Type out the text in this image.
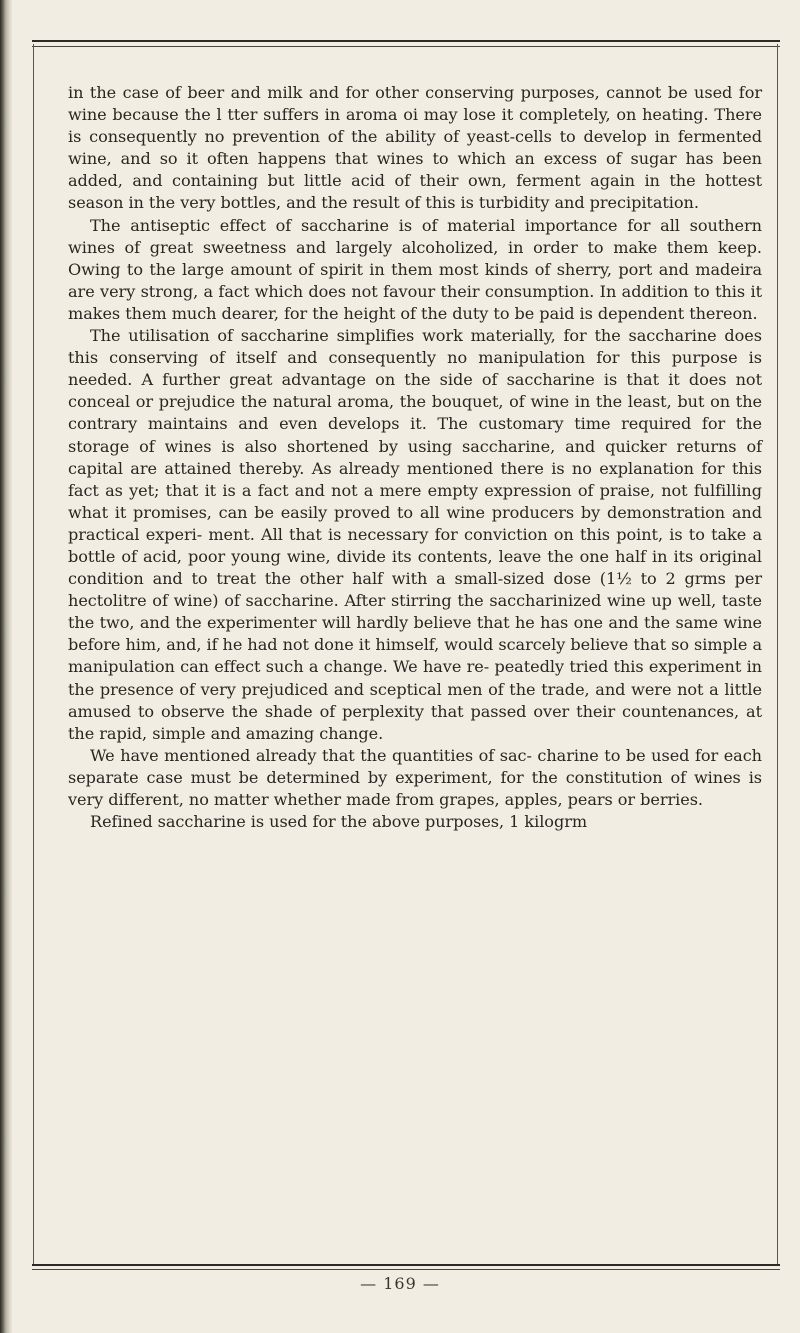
in the case of beer and milk and for other conserving purposes, cannot be used for wine because the l tter suffers in aroma oi may lose it completely, on heating. There is consequently no prevention of the ability of yeast-cells to develop in fermented wine, and so it often happens that wines to which an excess of sugar has been added, and containing but little acid of their own, ferment again in the hottest season in the very bottles, and the result of this is turbidity and precipitation.

The antiseptic effect of saccharine is of material importance for all southern wines of great sweetness and largely alcoholized, in order to make them keep. Owing to the large amount of spirit in them most kinds of sherry, port and madeira are very strong, a fact which does not favour their consumption. In addition to this it makes them much dearer, for the height of the duty to be paid is dependent thereon.

The utilisation of saccharine simplifies work materially, for the saccharine does this conserving of itself and consequently no manipulation for this purpose is needed. A further great advantage on the side of saccharine is that it does not conceal or prejudice the natural aroma, the bouquet, of wine in the least, but on the contrary maintains and even develops it. The customary time required for the storage of wines is also shortened by using saccharine, and quicker returns of capital are attained thereby. As already mentioned there is no explanation for this fact as yet; that it is a fact and not a mere empty expression of praise, not fulfilling what it promises, can be easily proved to all wine producers by demonstration and practical experi- ment. All that is necessary for conviction on this point, is to take a bottle of acid, poor young wine, divide its contents, leave the one half in its original condition and to treat the other half with a small-sized dose (1½ to 2 grms per hectolitre of wine) of saccharine. After stirring the saccharinized wine up well, taste the two, and the experimenter will hardly believe that he has one and the same wine before him, and, if he had not done it himself, would scarcely believe that so simple a manipulation can effect such a change. We have re- peatedly tried this experiment in the presence of very prejudiced and sceptical men of the trade, and were not a little amused to observe the shade of perplexity that passed over their countenances, at the rapid, simple and amazing change.

We have mentioned already that the quantities of sac- charine to be used for each separate case must be determined by experiment, for the constitution of wines is very different, no matter whether made from grapes, apples, pears or berries.

Refined saccharine is used for the above purposes, 1 kilogrm

— 169 —
